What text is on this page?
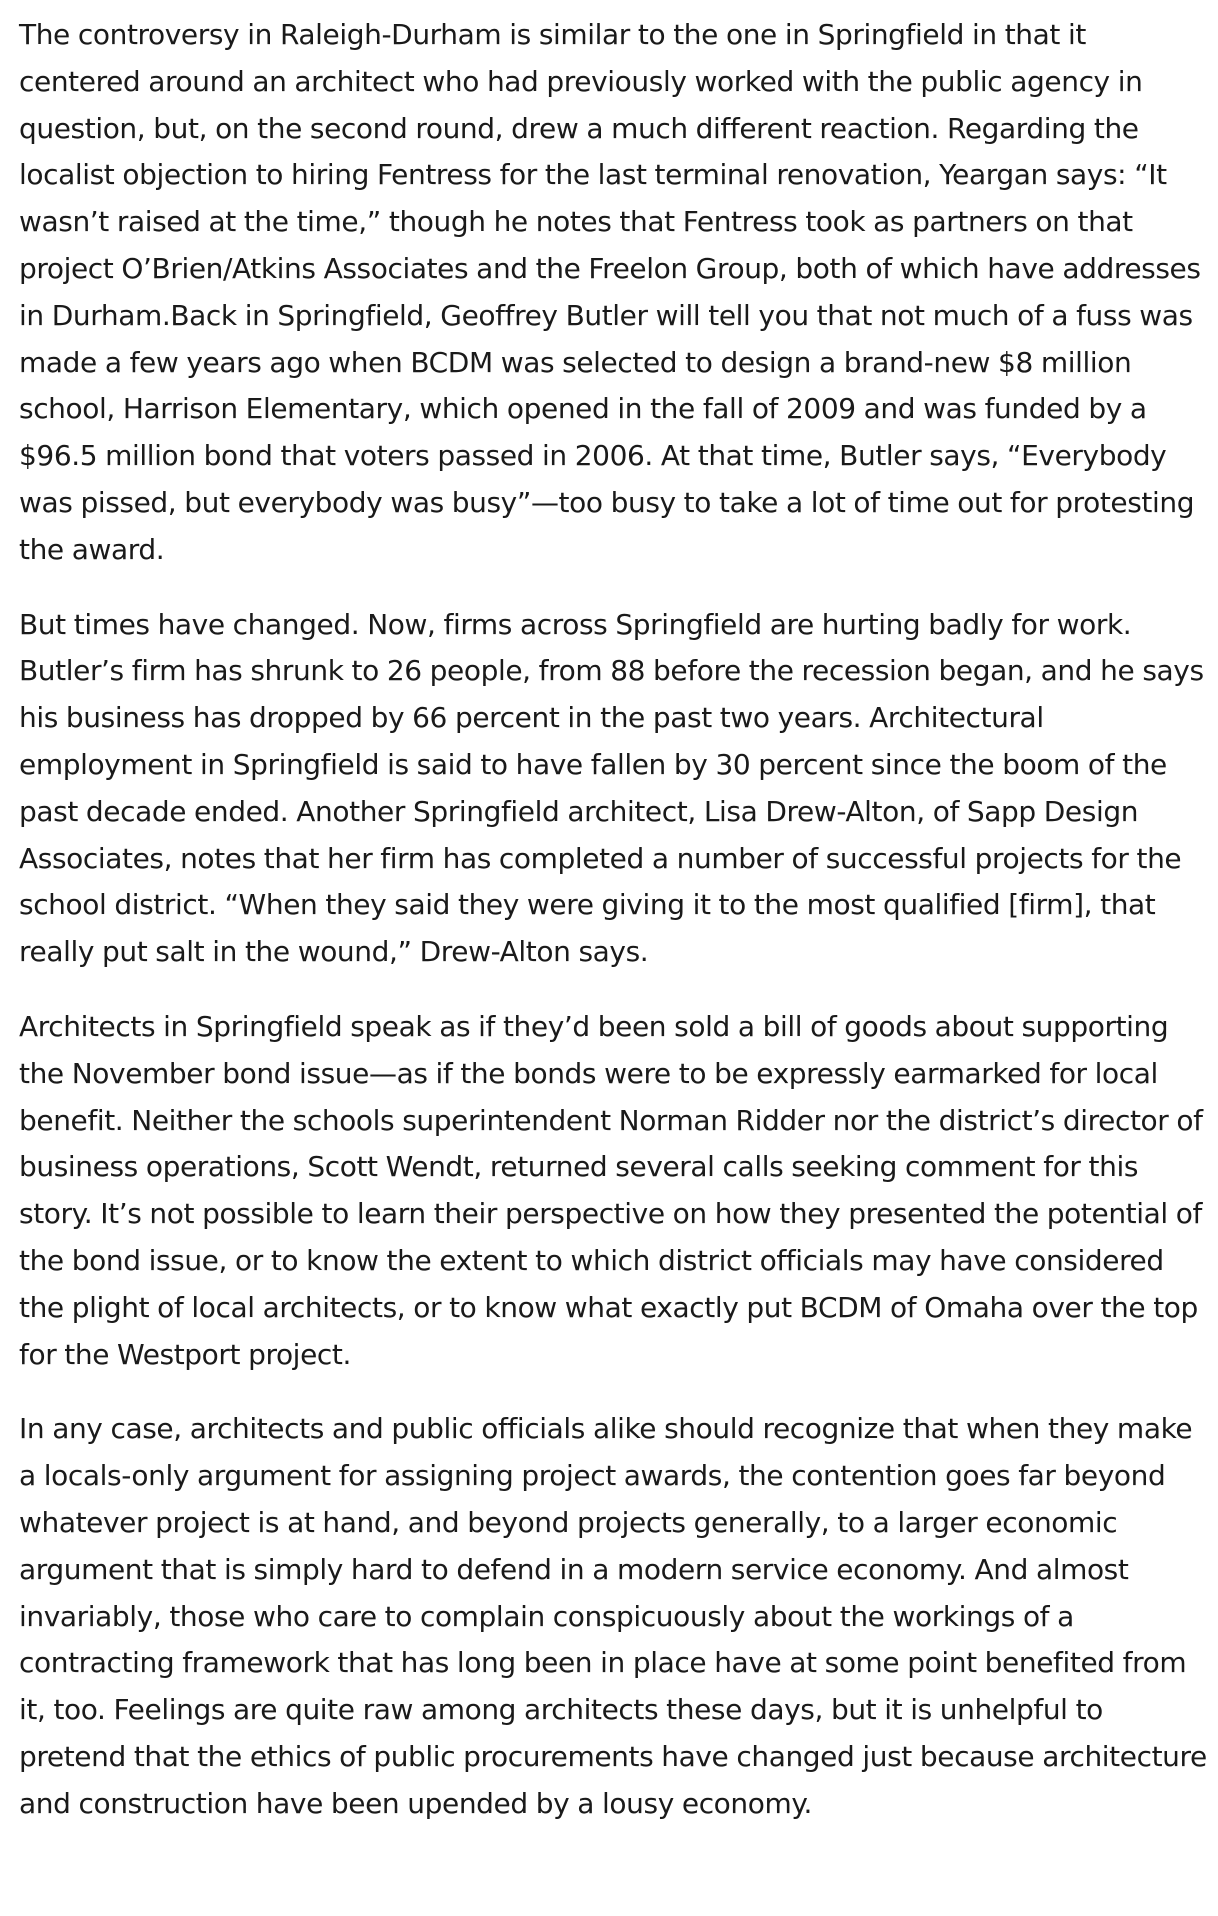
The controversy in Raleigh-Durham is similar to the one in Springfield in that it centered around an architect who had previously worked with the public agency in question, but, on the second round, drew a much different reaction. Regarding the localist objection to hiring Fentress for the last terminal renovation, Yeargan says: “It wasn’t raised at the time,” though he notes that Fentress took as partners on that project O’Brien/Atkins Associates and the Freelon Group, both of which have addresses in Durham.Back in Springfield, Geoffrey Butler will tell you that not much of a fuss was made a few years ago when BCDM was selected to design a brand-new $8 million school, Harrison Elementary, which opened in the fall of 2009 and was funded by a $96.5 million bond that voters passed in 2006. At that time, Butler says, “Everybody was pissed, but everybody was busy”—too busy to take a lot of time out for protesting the award.

But times have changed. Now, firms across Springfield are hurting badly for work. Butler’s firm has shrunk to 26 people, from 88 before the recession began, and he says his business has dropped by 66 percent in the past two years. Architectural employment in Springfield is said to have fallen by 30 percent since the boom of the past decade ended. Another Springfield architect, Lisa Drew-Alton, of Sapp Design Associates, notes that her firm has completed a number of successful projects for the school district. “When they said they were giving it to the most qualified [firm], that really put salt in the wound,” Drew-Alton says.

Architects in Springfield speak as if they’d been sold a bill of goods about supporting the November bond issue—as if the bonds were to be expressly earmarked for local benefit. Neither the schools superintendent Norman Ridder nor the district’s director of business operations, Scott Wendt, returned several calls seeking comment for this story. It’s not possible to learn their perspective on how they presented the potential of the bond issue, or to know the extent to which district officials may have considered the plight of local architects, or to know what exactly put BCDM of Omaha over the top for the Westport project.

In any case, architects and public officials alike should recognize that when they make a locals-only argument for assigning project awards, the contention goes far beyond whatever project is at hand, and beyond projects generally, to a larger economic argument that is simply hard to defend in a modern service economy. And almost invariably, those who care to complain conspicuously about the workings of a contracting framework that has long been in place have at some point benefited from it, too. Feelings are quite raw among architects these days, but it is unhelpful to pretend that the ethics of public procurements have changed just because architecture and construction have been upended by a lousy economy.
